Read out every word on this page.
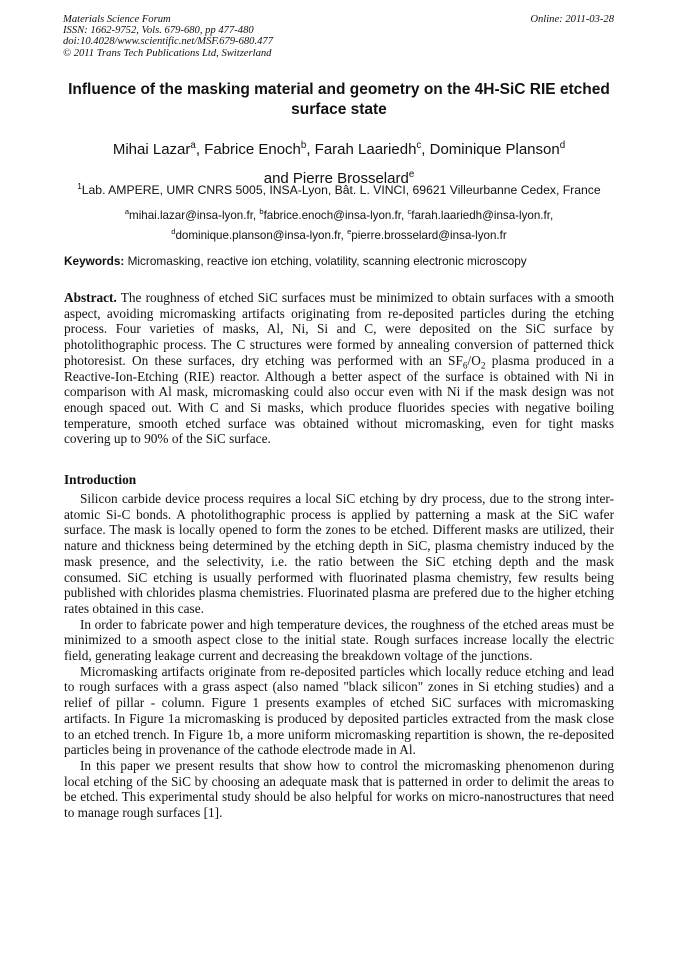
Materials Science Forum
ISSN: 1662-9752, Vols. 679-680, pp 477-480
doi:10.4028/www.scientific.net/MSF.679-680.477
© 2011 Trans Tech Publications Ltd, Switzerland
Online: 2011-03-28
Influence of the masking material and geometry on the 4H-SiC RIE etched surface state
Mihai Lazar$^a$, Fabrice Enoch$^b$, Farah Laariedh$^c$, Dominique Planson$^d$
and Pierre Brosselard$^e$
$^1$Lab. AMPERE, UMR CNRS 5005, INSA-Lyon, Bât. L. VINCI, 69621 Villeurbanne Cedex, France
$^a$mihai.lazar@insa-lyon.fr, $^b$fabrice.enoch@insa-lyon.fr, $^c$farah.laariedh@insa-lyon.fr,
$^d$dominique.planson@insa-lyon.fr, $^e$pierre.brosselard@insa-lyon.fr
Keywords: Micromasking, reactive ion etching, volatility, scanning electronic microscopy

Abstract. The roughness of etched SiC surfaces must be minimized to obtain surfaces with a smooth aspect, avoiding micromasking artifacts originating from re-deposited particles during the etching process. Four varieties of masks, Al, Ni, Si and C, were deposited on the SiC surface by photolithographic process. The C structures were formed by annealing conversion of patterned thick photoresist. On these surfaces, dry etching was performed with an $SF_6/O_2$ plasma produced in a Reactive-Ion-Etching (RIE) reactor. Although a better aspect of the surface is obtained with Ni in comparison with Al mask, micromasking could also occur even with Ni if the mask design was not enough spaced out. With C and Si masks, which produce fluorides species with negative boiling temperature, smooth etched surface was obtained without micromasking, even for tight masks covering up to 90% of the SiC surface.

Introduction

Silicon carbide device process requires a local SiC etching by dry process, due to the strong inter-atomic Si-C bonds. A photolithographic process is applied by patterning a mask at the SiC wafer surface. The mask is locally opened to form the zones to be etched. Different masks are utilized, their nature and thickness being determined by the etching depth in SiC, plasma chemistry induced by the mask presence, and the selectivity, i.e. the ratio between the SiC etching depth and the mask consumed. SiC etching is usually performed with fluorinated plasma chemistry, few results being published with chlorides plasma chemistries. Fluorinated plasma are prefered due to the higher etching rates obtained in this case.

In order to fabricate power and high temperature devices, the roughness of the etched areas must be minimized to a smooth aspect close to the initial state. Rough surfaces increase locally the electric field, generating leakage current and decreasing the breakdown voltage of the junctions.

Micromasking artifacts originate from re-deposited particles which locally reduce etching and lead to rough surfaces with a grass aspect (also named "black silicon" zones in Si etching studies) and a relief of pillar - column. Figure 1 presents examples of etched SiC surfaces with micromasking artifacts. In Figure 1a micromasking is produced by deposited particles extracted from the mask close to an etched trench. In Figure 1b, a more uniform micromasking repartition is shown, the re-deposited particles being in provenance of the cathode electrode made in Al.

In this paper we present results that show how to control the micromasking phenomenon during local etching of the SiC by choosing an adequate mask that is patterned in order to delimit the areas to be etched. This experimental study should be also helpful for works on micro-nanostructures that need to manage rough surfaces [1].
